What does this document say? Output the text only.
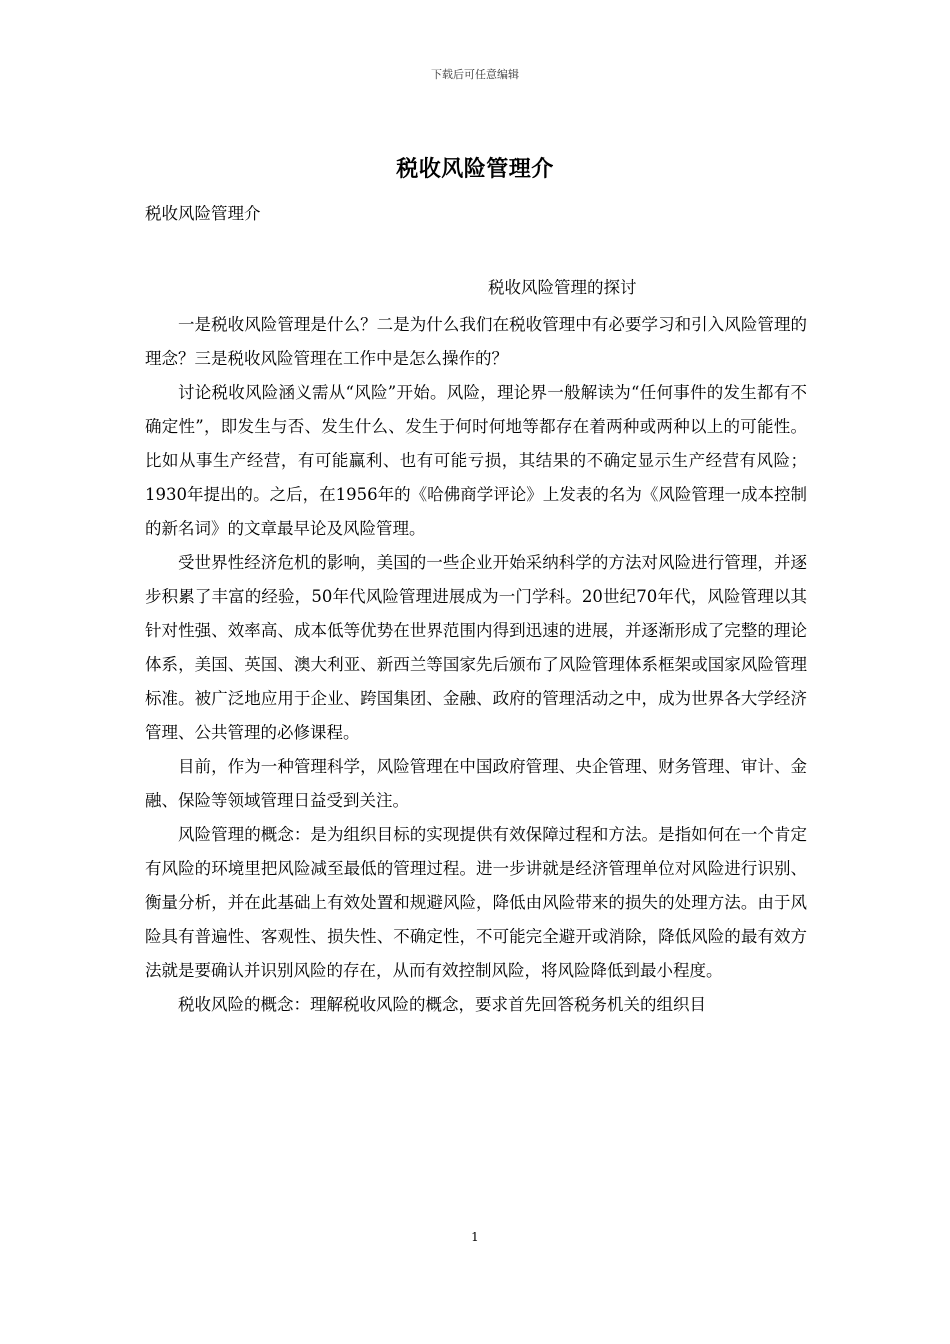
下载后可任意编辑
税收风险管理介
税收风险管理介
税收风险管理的探讨

一是税收风险管理是什么？二是为什么我们在税收管理中有必要学习和引入风险管理的理念？三是税收风险管理在工作中是怎么操作的？

讨论税收风险涵义需从“风险”开始。风险，理论界一般解读为“任何事件的发生都有不确定性”，即发生与否、发生什么、发生于何时何地等都存在着两种或两种以上的可能性。比如从事生产经营，有可能赢利、也有可能亏损，其结果的不确定显示生产经营有风险；1930年提出的。之后，在1956年的《哈佛商学评论》上发表的名为《风险管理一成本控制的新名词》的文章最早论及风险管理。

受世界性经济危机的影响，美国的一些企业开始采纳科学的方法对风险进行管理，并逐步积累了丰富的经验，50年代风险管理进展成为一门学科。20世纪70年代，风险管理以其针对性强、效率高、成本低等优势在世界范围内得到迅速的进展，并逐渐形成了完整的理论体系，美国、英国、澳大利亚、新西兰等国家先后颁布了风险管理体系框架或国家风险管理标准。被广泛地应用于企业、跨国集团、金融、政府的管理活动之中，成为世界各大学经济管理、公共管理的必修课程。

目前，作为一种管理科学，风险管理在中国政府管理、央企管理、财务管理、审计、金融、保险等领域管理日益受到关注。

风险管理的概念：是为组织目标的实现提供有效保障过程和方法。是指如何在一个肯定有风险的环境里把风险减至最低的管理过程。进一步讲就是经济管理单位对风险进行识别、衡量分析，并在此基础上有效处置和规避风险，降低由风险带来的损失的处理方法。由于风险具有普遍性、客观性、损失性、不确定性，不可能完全避开或消除，降低风险的最有效方法就是要确认并识别风险的存在，从而有效控制风险，将风险降低到最小程度。

税收风险的概念：理解税收风险的概念，要求首先回答税务机关的组织目

1
